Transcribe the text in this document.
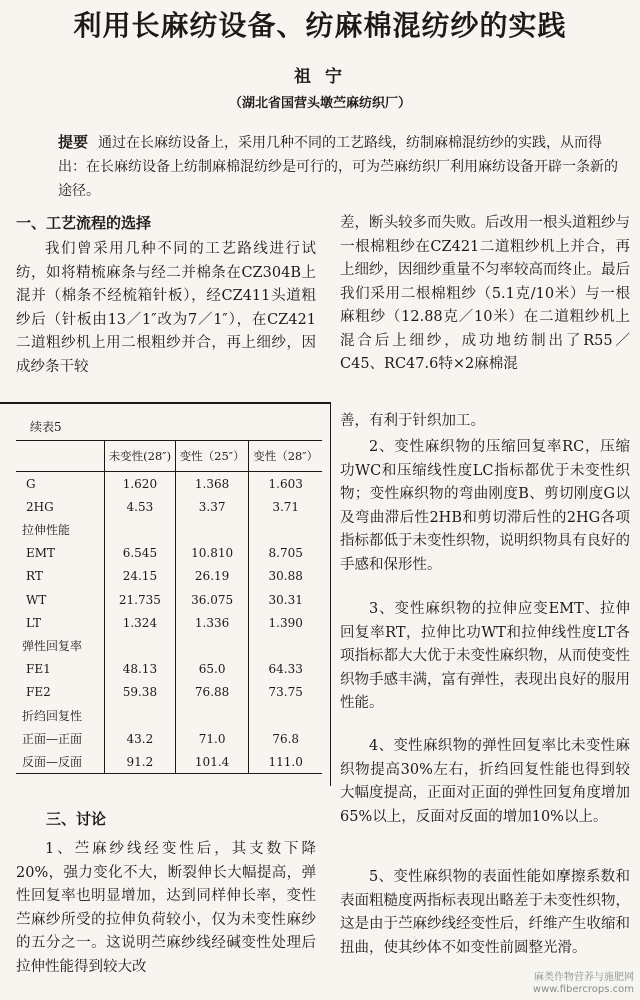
利用长麻纺设备、纺麻棉混纺纱的实践
祖 宁
（湖北省国营头墩苎麻纺织厂）
提要 通过在长麻纺设备上，采用几种不同的工艺路线，纺制麻棉混纺纱的实践，从而得出：在长麻纺设备上纺制麻棉混纺纱是可行的，可为苎麻纺织厂利用麻纺设备开辟一条新的途径。
一、工艺流程的选择
我们曾采用几种不同的工艺路线进行试纺，如将精梳麻条与经二并棉条在CZ304B上混并（棉条不经梳箱针板），经CZ411头道粗纱后（针板由13／1″改为7／1″），在CZ421二道粗纱机上用二根粗纱并合，再上细纱，因成纱条干较
差，断头较多而失败。后改用一根头道粗纱与一根棉粗纱在CZ421二道粗纱机上并合，再上细纱，因细纱重量不匀率较高而终止。最后我们采用二根棉粗纱（5.1克/10米）与一根麻粗纱（12.88克／10米）在二道粗纱机上混合后上细纱，成功地纺制出了R55／C45、RC47.6特×2麻棉混
续表5
	未变性(28″)	变性（25″）	变性（28″）
G	1.620	1.368	1.603
2HG	4.53	3.37	3.71
拉伸性能			
EMT	6.545	10.810	8.705
RT	24.15	26.19	30.88
WT	21.735	36.075	30.31
LT	1.324	1.336	1.390
弹性回复率			
FE1	48.13	65.0	64.33
FE2	59.38	76.88	73.75
折绉回复性			
正面—正面	43.2	71.0	76.8
反面—反面	91.2	101.4	111.0
三、讨论
1、苎麻纱线经变性后，其支数下降20%，强力变化不大，断裂伸长大幅提高，弹性回复率也明显增加，达到同样伸长率，变性苎麻纱所受的拉伸负荷较小，仅为未变性麻纱的五分之一。这说明苎麻纱线经碱变性处理后拉伸性能得到较大改
善，有利于针织加工。
2、变性麻织物的压缩回复率RC，压缩功WC和压缩线性度LC指标都优于未变性织物；变性麻织物的弯曲刚度B、剪切刚度G以及弯曲滞后性2HB和剪切滞后性的2HG各项指标都低于未变性织物，说明织物具有良好的手感和保形性。
3、变性麻织物的拉伸应变EMT、拉伸回复率RT，拉伸比功WT和拉伸线性度LT各项指标都大大优于未变性麻织物，从而使变性织物手感丰满，富有弹性，表现出良好的服用性能。
4、变性麻织物的弹性回复率比未变性麻织物提高30%左右，折绉回复性能也得到较大幅度提高，正面对正面的弹性回复角度增加65%以上，反面对反面的增加10%以上。
5、变性麻织物的表面性能如摩擦系数和表面粗糙度两指标表现出略差于未变性织物，这是由于苎麻纱线经变性后，纤维产生收缩和扭曲，使其纱体不如变性前圆整光滑。
麻类作物营养与施肥网
www.fibercrops.com
